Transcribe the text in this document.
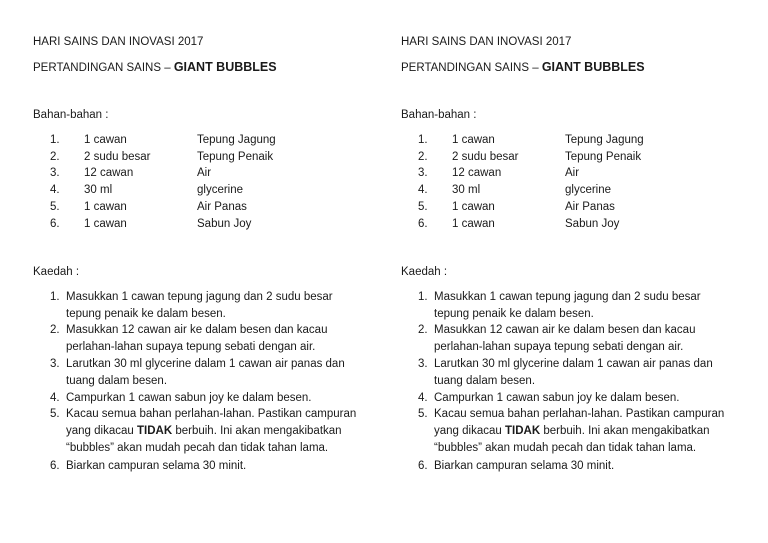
HARI SAINS DAN INOVASI 2017
PERTANDINGAN SAINS – GIANT BUBBLES
Bahan-bahan :
1. 1 cawan	Tepung Jagung
2. 2 sudu besar	Tepung Penaik
3. 12 cawan	Air
4. 30 ml	glycerine
5. 1 cawan	Air Panas
6. 1 cawan	Sabun Joy
Kaedah :
1. Masukkan 1 cawan tepung jagung dan 2 sudu besar tepung penaik ke dalam besen.
2. Masukkan 12 cawan air ke dalam besen dan kacau perlahan-lahan supaya tepung sebati dengan air.
3. Larutkan 30 ml glycerine dalam 1 cawan air panas dan tuang dalam besen.
4. Campurkan 1 cawan sabun joy ke dalam besen.
5. Kacau semua bahan perlahan-lahan. Pastikan campuran yang dikacau TIDAK berbuih. Ini akan mengakibatkan “bubbles” akan mudah pecah dan tidak tahan lama.
6. Biarkan campuran selama 30 minit.
HARI SAINS DAN INOVASI 2017
PERTANDINGAN SAINS – GIANT BUBBLES
Bahan-bahan :
1. 1 cawan	Tepung Jagung
2. 2 sudu besar	Tepung Penaik
3. 12 cawan	Air
4. 30 ml	glycerine
5. 1 cawan	Air Panas
6. 1 cawan	Sabun Joy
Kaedah :
1. Masukkan 1 cawan tepung jagung dan 2 sudu besar tepung penaik ke dalam besen.
2. Masukkan 12 cawan air ke dalam besen dan kacau perlahan-lahan supaya tepung sebati dengan air.
3. Larutkan 30 ml glycerine dalam 1 cawan air panas dan tuang dalam besen.
4. Campurkan 1 cawan sabun joy ke dalam besen.
5. Kacau semua bahan perlahan-lahan. Pastikan campuran yang dikacau TIDAK berbuih. Ini akan mengakibatkan “bubbles” akan mudah pecah dan tidak tahan lama.
6. Biarkan campuran selama 30 minit.
